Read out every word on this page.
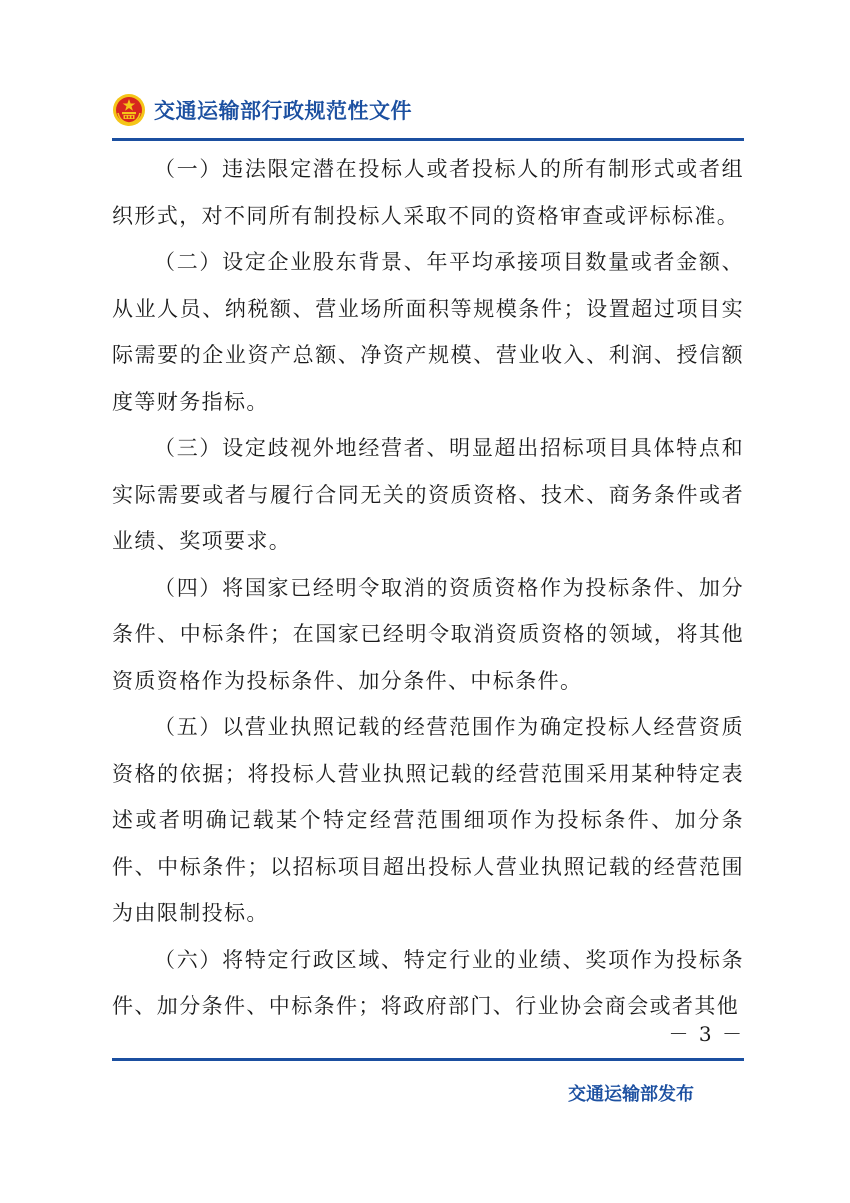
交通运输部行政规范性文件

（一）违法限定潜在投标人或者投标人的所有制形式或者组织形式，对不同所有制投标人采取不同的资格审查或评标标准。

（二）设定企业股东背景、年平均承接项目数量或者金额、从业人员、纳税额、营业场所面积等规模条件；设置超过项目实际需要的企业资产总额、净资产规模、营业收入、利润、授信额度等财务指标。

（三）设定歧视外地经营者、明显超出招标项目具体特点和实际需要或者与履行合同无关的资质资格、技术、商务条件或者业绩、奖项要求。

（四）将国家已经明令取消的资质资格作为投标条件、加分条件、中标条件；在国家已经明令取消资质资格的领域，将其他资质资格作为投标条件、加分条件、中标条件。

（五）以营业执照记载的经营范围作为确定投标人经营资质资格的依据；将投标人营业执照记载的经营范围采用某种特定表述或者明确记载某个特定经营范围细项作为投标条件、加分条件、中标条件；以招标项目超出投标人营业执照记载的经营范围为由限制投标。

（六）将特定行政区域、特定行业的业绩、奖项作为投标条件、加分条件、中标条件；将政府部门、行业协会商会或者其他

－ 3 －
交通运输部发布
